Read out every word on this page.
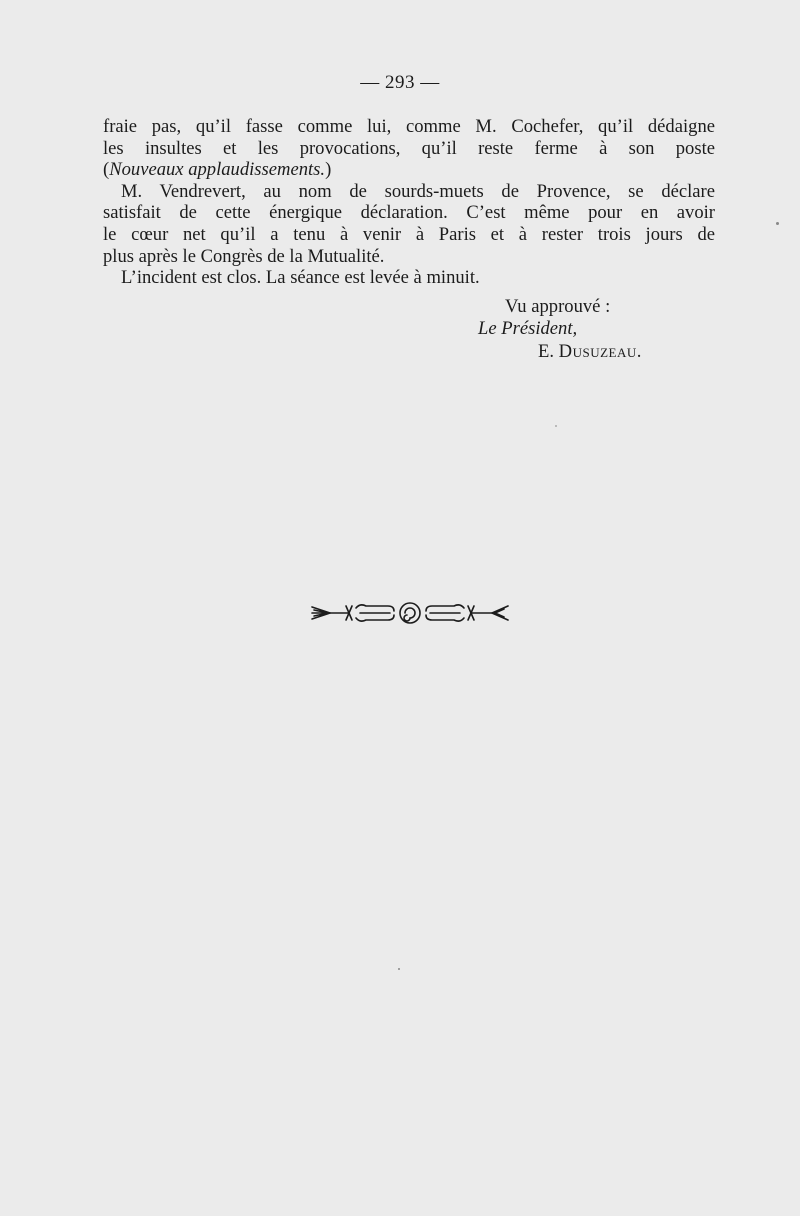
— 293 —
fraie pas, qu’il fasse comme lui, comme M. Cochefer, qu’il dédaigne
les insultes et les provocations, qu’il reste ferme à son poste
(Nouveaux applaudissements.)
M. Vendrevert, au nom de sourds-muets de Provence, se déclare
satisfait de cette énergique déclaration. C’est même pour en avoir
le cœur net qu’il a tenu à venir à Paris et à rester trois jours de
plus après le Congrès de la Mutualité.
L’incident est clos. La séance est levée à minuit.
Vu approuvé :
Le Président,
E. Dusuzeau.
